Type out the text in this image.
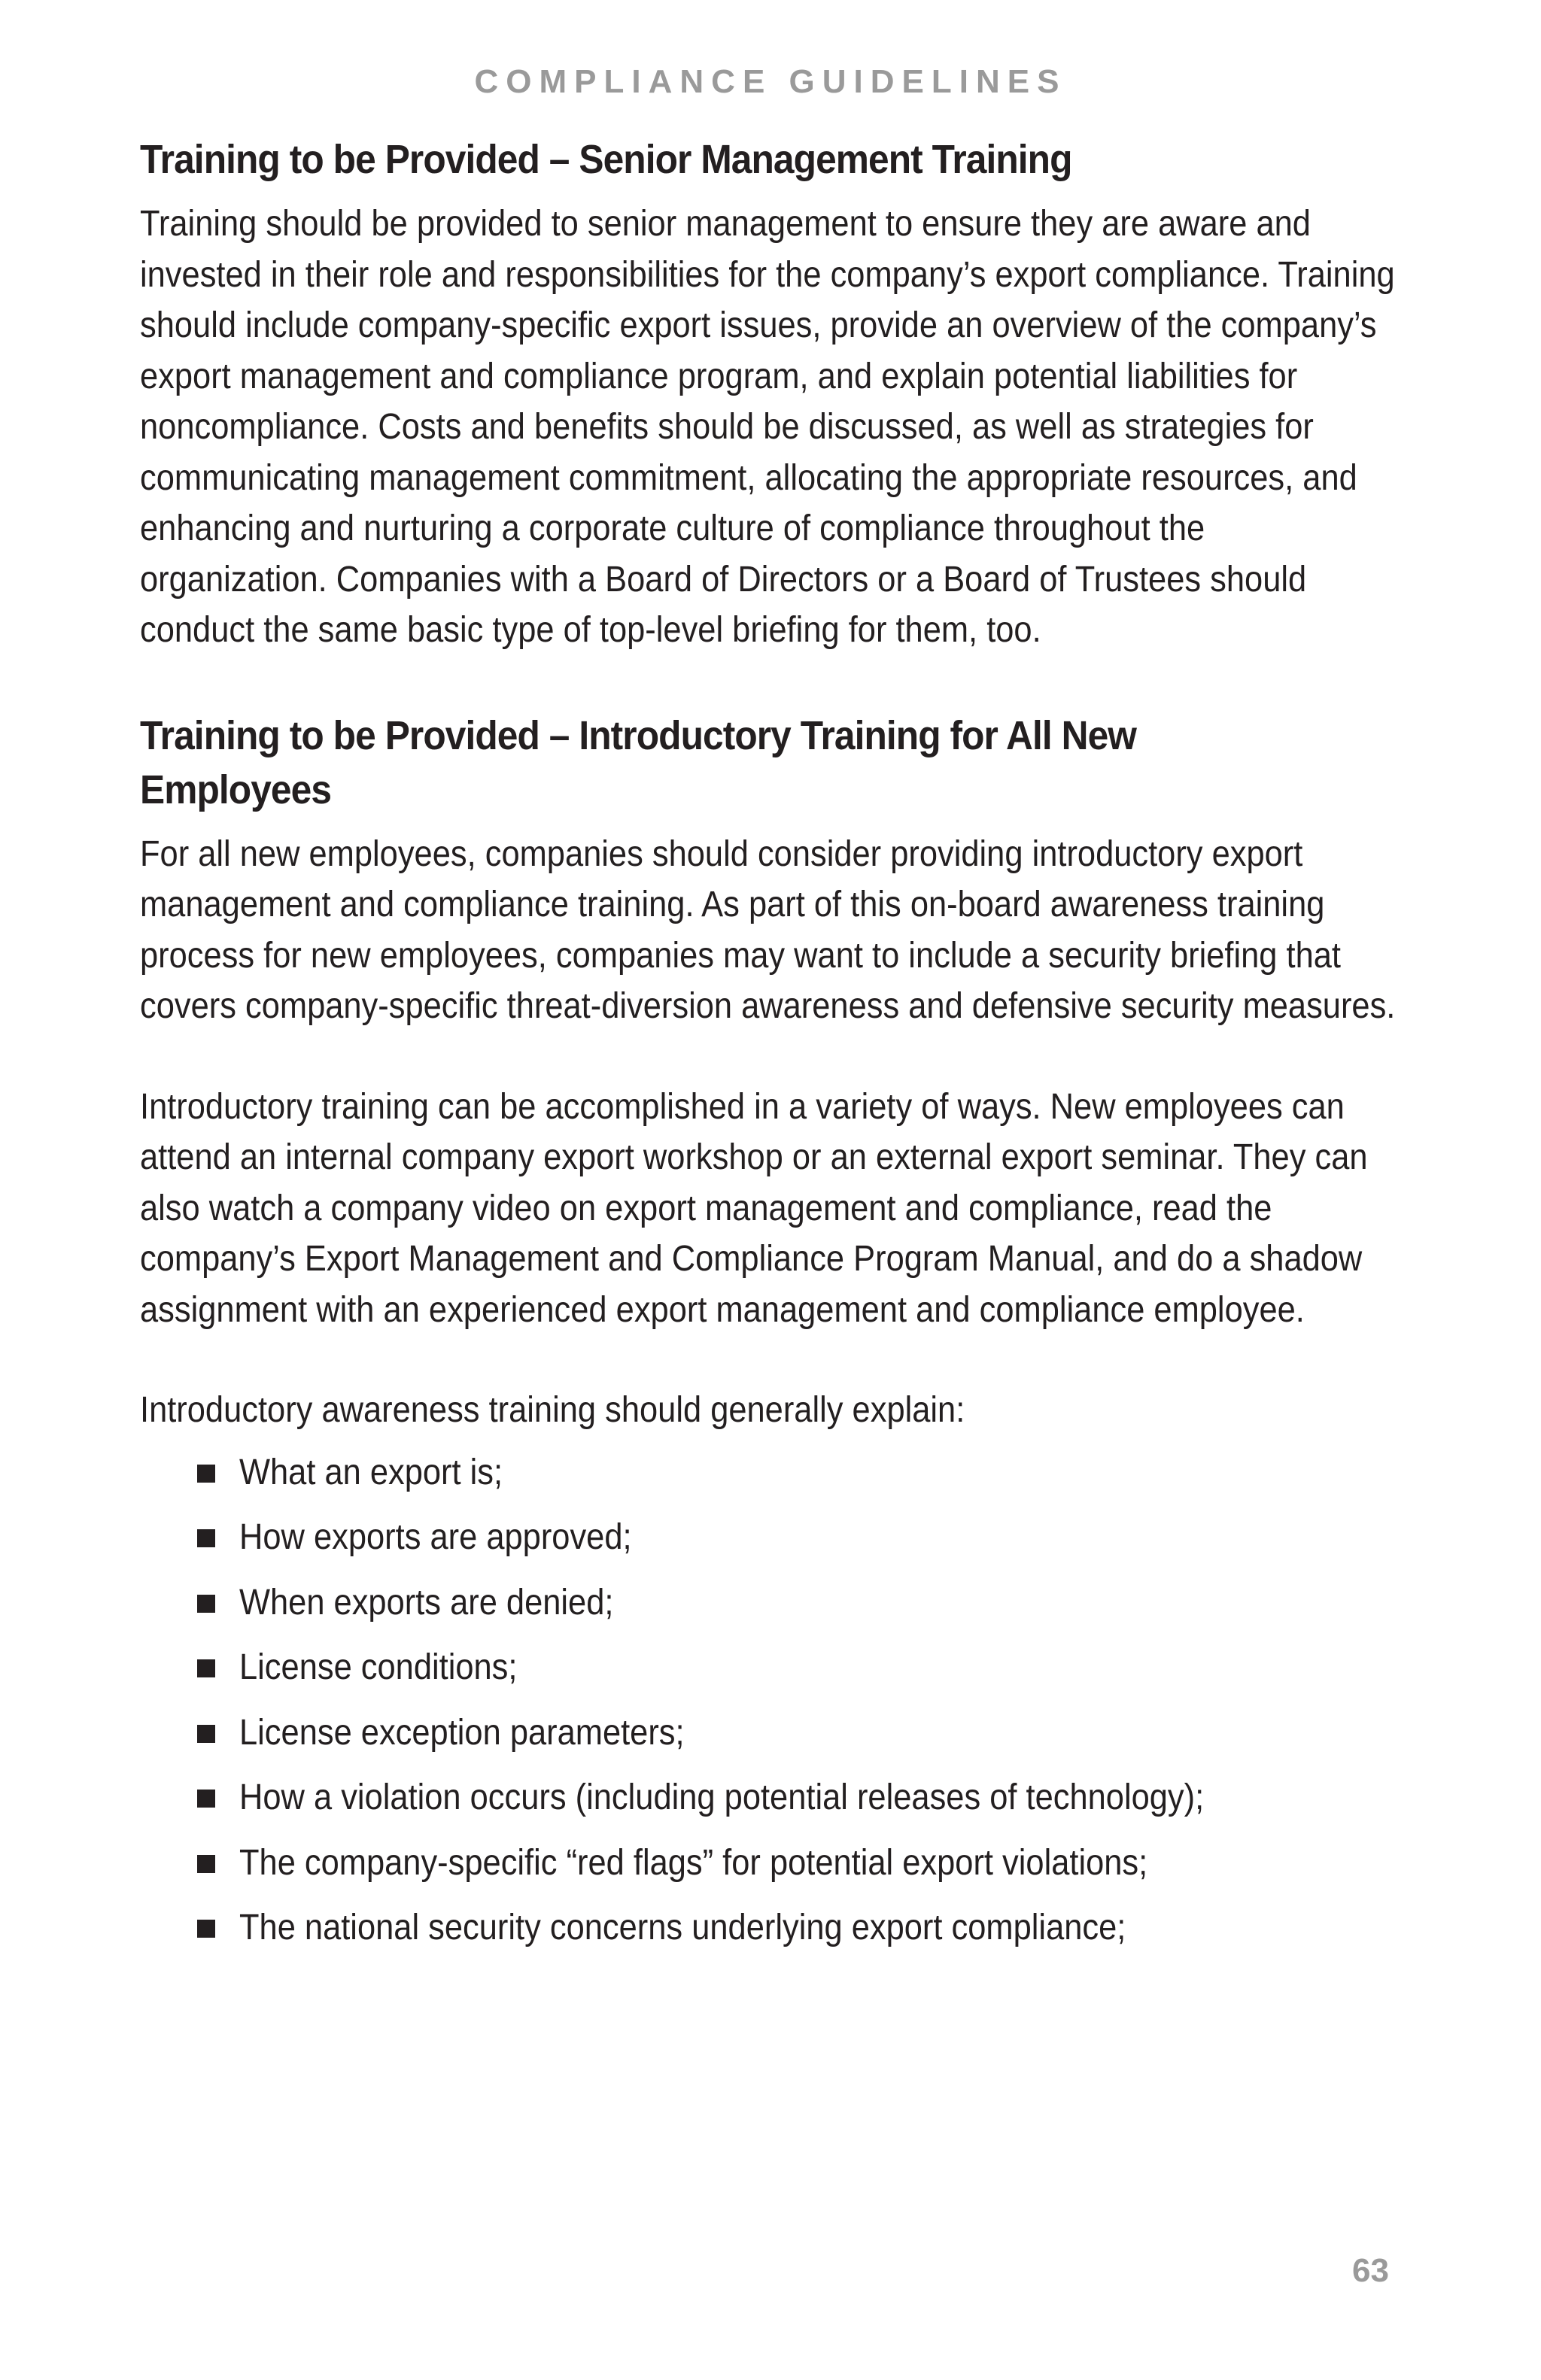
COMPLIANCE GUIDELINES

Training to be Provided – Senior Management Training

Training should be provided to senior management to ensure they are aware and invested in their role and responsibilities for the company’s export compliance. Training should include company-specific export issues, provide an overview of the company’s export management and compliance program, and explain potential liabilities for noncompliance. Costs and benefits should be discussed, as well as strategies for communicating management commitment, allocating the appropriate resources, and enhancing and nurturing a corporate culture of compliance throughout the organization. Companies with a Board of Directors or a Board of Trustees should conduct the same basic type of top-level briefing for them, too.

Training to be Provided – Introductory Training for All New Employees

For all new employees, companies should consider providing introductory export management and compliance training. As part of this on-board awareness training process for new employees, companies may want to include a security briefing that covers company-specific threat-diversion awareness and defensive security measures.

Introductory training can be accomplished in a variety of ways. New employees can attend an internal company export workshop or an external export seminar. They can also watch a company video on export management and compliance, read the company’s Export Management and Compliance Program Manual, and do a shadow assignment with an experienced export management and compliance employee.

Introductory awareness training should generally explain:

What an export is;
How exports are approved;
When exports are denied;
License conditions;
License exception parameters;
How a violation occurs (including potential releases of technology);
The company-specific “red flags” for potential export violations;
The national security concerns underlying export compliance;

63
